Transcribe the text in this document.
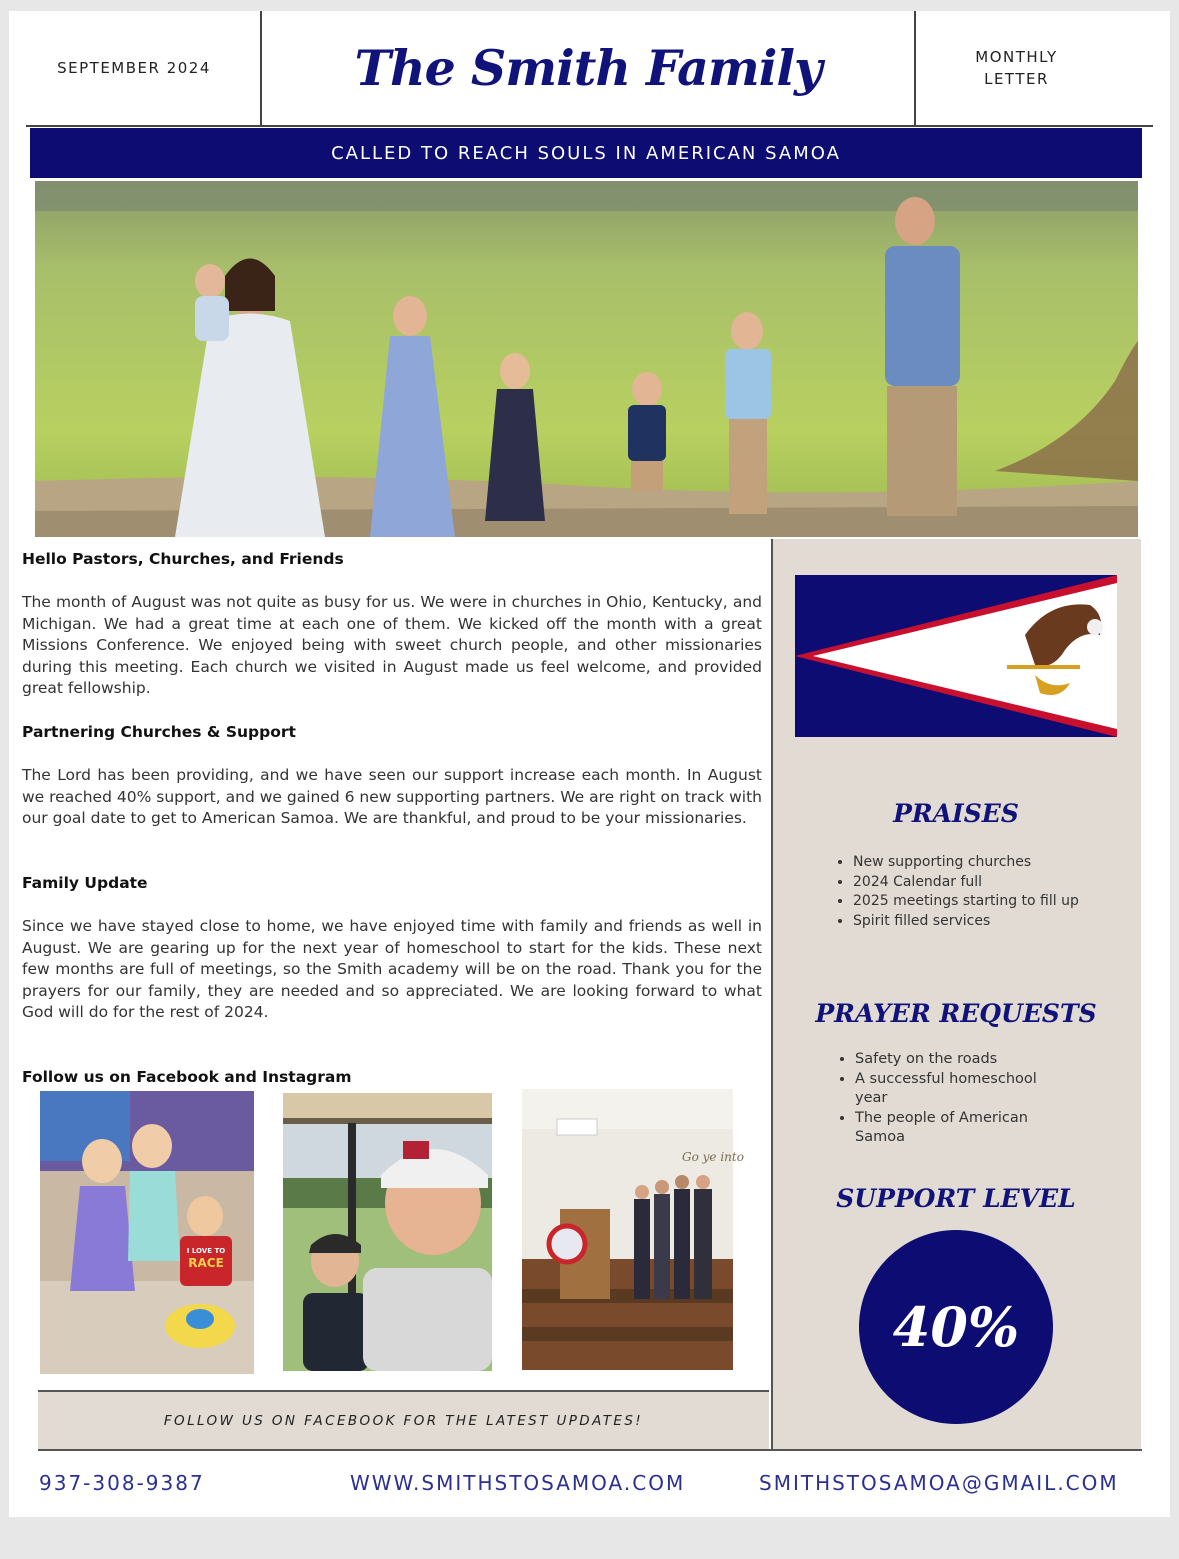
SEPTEMBER 2024	The Smith Family	MONTHLY
LETTER
CALLED TO REACH SOULS IN AMERICAN SAMOA
Hello Pastors, Churches, and Friends

The month of August was not quite as busy for us. We were in churches in Ohio, Kentucky, and Michigan. We had a great time at each one of them. We kicked off the month with a great Missions Conference. We enjoyed being with sweet church people, and other missionaries during this meeting. Each church we visited in August made us feel welcome, and provided great fellowship.

Partnering Churches & Support

The Lord has been providing, and we have seen our support increase each month. In August we reached 40% support, and we gained 6 new supporting partners. We are right on track with our goal date to get to American Samoa. We are thankful, and proud to be your missionaries.

Family Update

Since we have stayed close to home, we have enjoyed time with family and friends as well in August. We are gearing up for the next year of homeschool to start for the kids. These next few months are full of meetings, so the Smith academy will be on the road. Thank you for the prayers for our family, they are needed and so appreciated. We are looking forward to what God will do for the rest of 2024.

Follow us on Facebook and Instagram
I LOVE TO
RACE
Go ye into
FOLLOW US ON FACEBOOK FOR THE LATEST UPDATES!
PRAISES
• New supporting churches
• 2024 Calendar full
• 2025 meetings starting to fill up
• Spirit filled services
PRAYER REQUESTS
• Safety on the roads
• A successful homeschool year
• The people of American Samoa
SUPPORT LEVEL
40%
937-308-9387	WWW.SMITHSTOSAMOA.COM	SMITHSTOSAMOA@GMAIL.COM
